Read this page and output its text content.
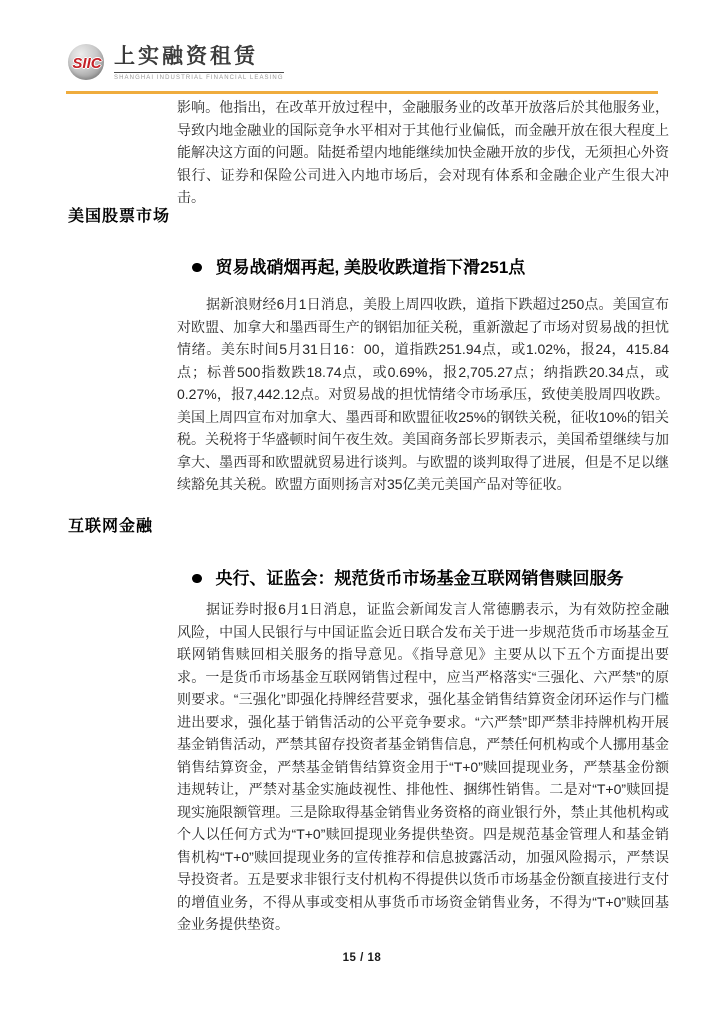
SIIC 上实融资租赁
SHANGHAI INDUSTRIAL FINANCIAL LEASING
影响。他指出，在改革开放过程中，金融服务业的改革开放落后於其他服务业，导致内地金融业的国际竞争水平相对于其他行业偏低，而金融开放在很大程度上能解决这方面的问题。陆挺希望内地能继续加快金融开放的步伐，无须担心外资银行、证券和保险公司进入内地市场后，会对现有体系和金融企业产生很大冲击。
美国股票市场
贸易战硝烟再起, 美股收跌道指下滑251点
据新浪财经6月1日消息，美股上周四收跌，道指下跌超过250点。美国宣布对欧盟、加拿大和墨西哥生产的钢铝加征关税，重新激起了市场对贸易战的担忧情绪。美东时间5月31日16：00，道指跌251.94点，或1.02%，报24，415.84点；标普500指数跌18.74点，或0.69%，报2,705.27点；纳指跌20.34点，或0.27%，报7,442.12点。对贸易战的担忧情绪令市场承压，致使美股周四收跌。美国上周四宣布对加拿大、墨西哥和欧盟征收25%的钢铁关税，征收10%的铝关税。关税将于华盛顿时间午夜生效。美国商务部长罗斯表示，美国希望继续与加拿大、墨西哥和欧盟就贸易进行谈判。与欧盟的谈判取得了进展，但是不足以继续豁免其关税。欧盟方面则扬言对35亿美元美国产品对等征收。
互联网金融
央行、证监会：规范货币市场基金互联网销售赎回服务
据证券时报6月1日消息，证监会新闻发言人常德鹏表示，为有效防控金融风险，中国人民银行与中国证监会近日联合发布关于进一步规范货币市场基金互联网销售赎回相关服务的指导意见。《指导意见》主要从以下五个方面提出要求。一是货币市场基金互联网销售过程中，应当严格落实“三强化、六严禁”的原则要求。“三强化”即强化持牌经营要求，强化基金销售结算资金闭环运作与门槛进出要求，强化基于销售活动的公平竞争要求。“六严禁”即严禁非持牌机构开展基金销售活动，严禁其留存投资者基金销售信息，严禁任何机构或个人挪用基金销售结算资金，严禁基金销售结算资金用于“T+0”赎回提现业务，严禁基金份额违规转让，严禁对基金实施歧视性、排他性、捆绑性销售。二是对“T+0”赎回提现实施限额管理。三是除取得基金销售业务资格的商业银行外，禁止其他机构或个人以任何方式为“T+0”赎回提现业务提供垫资。四是规范基金管理人和基金销售机构“T+0”赎回提现业务的宣传推荐和信息披露活动，加强风险揭示，严禁误导投资者。五是要求非银行支付机构不得提供以货币市场基金份额直接进行支付的增值业务，不得从事或变相从事货币市场资金销售业务，不得为“T+0”赎回基金业务提供垫资。
15 / 18
